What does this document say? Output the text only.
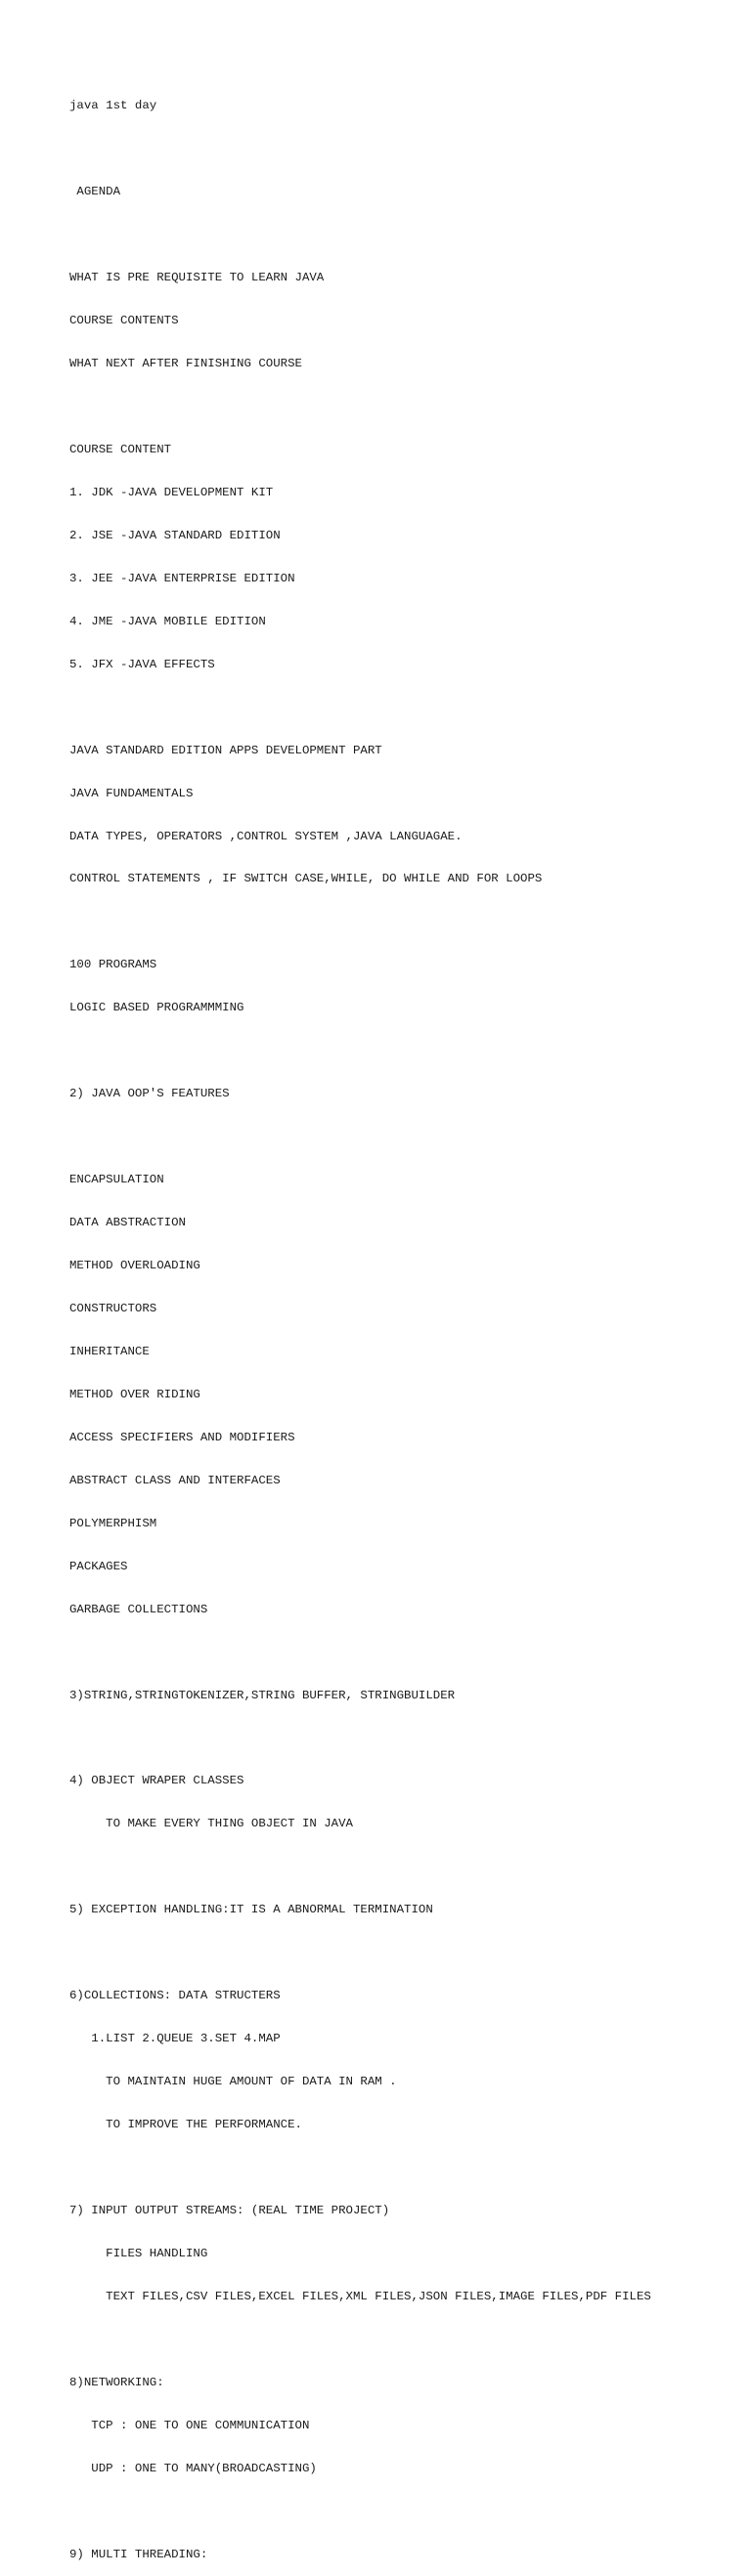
java 1st day

AGENDA

WHAT IS PRE REQUISITE TO LEARN JAVA

COURSE CONTENTS

WHAT NEXT AFTER FINISHING COURSE

COURSE CONTENT

1. JDK -JAVA DEVELOPMENT KIT

2. JSE -JAVA STANDARD EDITION

3. JEE -JAVA ENTERPRISE EDITION

4. JME -JAVA MOBILE EDITION

5. JFX -JAVA EFFECTS

JAVA STANDARD EDITION APPS DEVELOPMENT PART

JAVA FUNDAMENTALS

DATA TYPES, OPERATORS ,CONTROL SYSTEM ,JAVA LANGUAGAE.

CONTROL STATEMENTS , IF SWITCH CASE,WHILE, DO WHILE AND FOR LOOPS

100 PROGRAMS

LOGIC BASED PROGRAMMMING

2) JAVA OOP'S FEATURES

ENCAPSULATION

DATA ABSTRACTION

METHOD OVERLOADING

CONSTRUCTORS

INHERITANCE

METHOD OVER RIDING

ACCESS SPECIFIERS AND MODIFIERS

ABSTRACT CLASS AND INTERFACES

POLYMERPHISM

PACKAGES

GARBAGE COLLECTIONS

3)STRING,STRINGTOKENIZER,STRING BUFFER, STRINGBUILDER

4) OBJECT WRAPER CLASSES

TO MAKE EVERY THING OBJECT IN JAVA

5) EXCEPTION HANDLING:IT IS A ABNORMAL TERMINATION

6)COLLECTIONS: DATA STRUCTERS

1.LIST 2.QUEUE 3.SET 4.MAP

TO MAINTAIN HUGE AMOUNT OF DATA IN RAM .

TO IMPROVE THE PERFORMANCE.

7) INPUT OUTPUT STREAMS: (REAL TIME PROJECT)

FILES HANDLING

TEXT FILES,CSV FILES,EXCEL FILES,XML FILES,JSON FILES,IMAGE FILES,PDF FILES

8)NETWORKING:

TCP : ONE TO ONE COMMUNICATION

UDP : ONE TO MANY(BROADCASTING)

9) MULTI THREADING:
